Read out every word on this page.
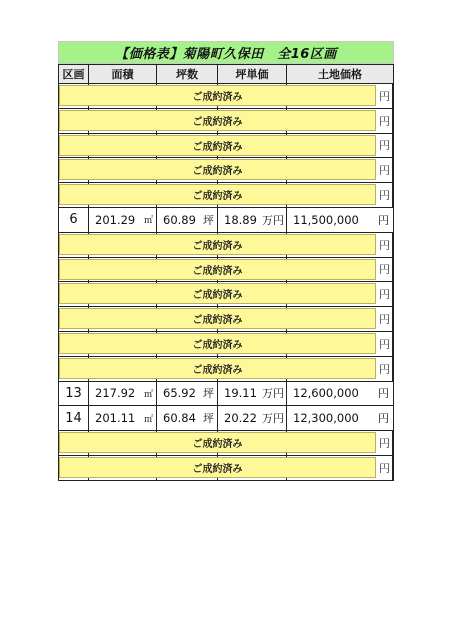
【価格表】菊陽町久保田　全16区画
区画	面積	坪数	坪単価	土地価格
ご成約済み	円
ご成約済み	円
ご成約済み	円
ご成約済み	円
ご成約済み	円
6	201.29 ㎡ 60.89 坪 18.89 万円 11,500,000 円
ご成約済み	円
ご成約済み	円
ご成約済み	円
ご成約済み	円
ご成約済み	円
ご成約済み	円
13	217.92 ㎡ 65.92 坪 19.11 万円 12,600,000 円
14	201.11 ㎡ 60.84 坪 20.22 万円 12,300,000 円
ご成約済み	円
ご成約済み	円
